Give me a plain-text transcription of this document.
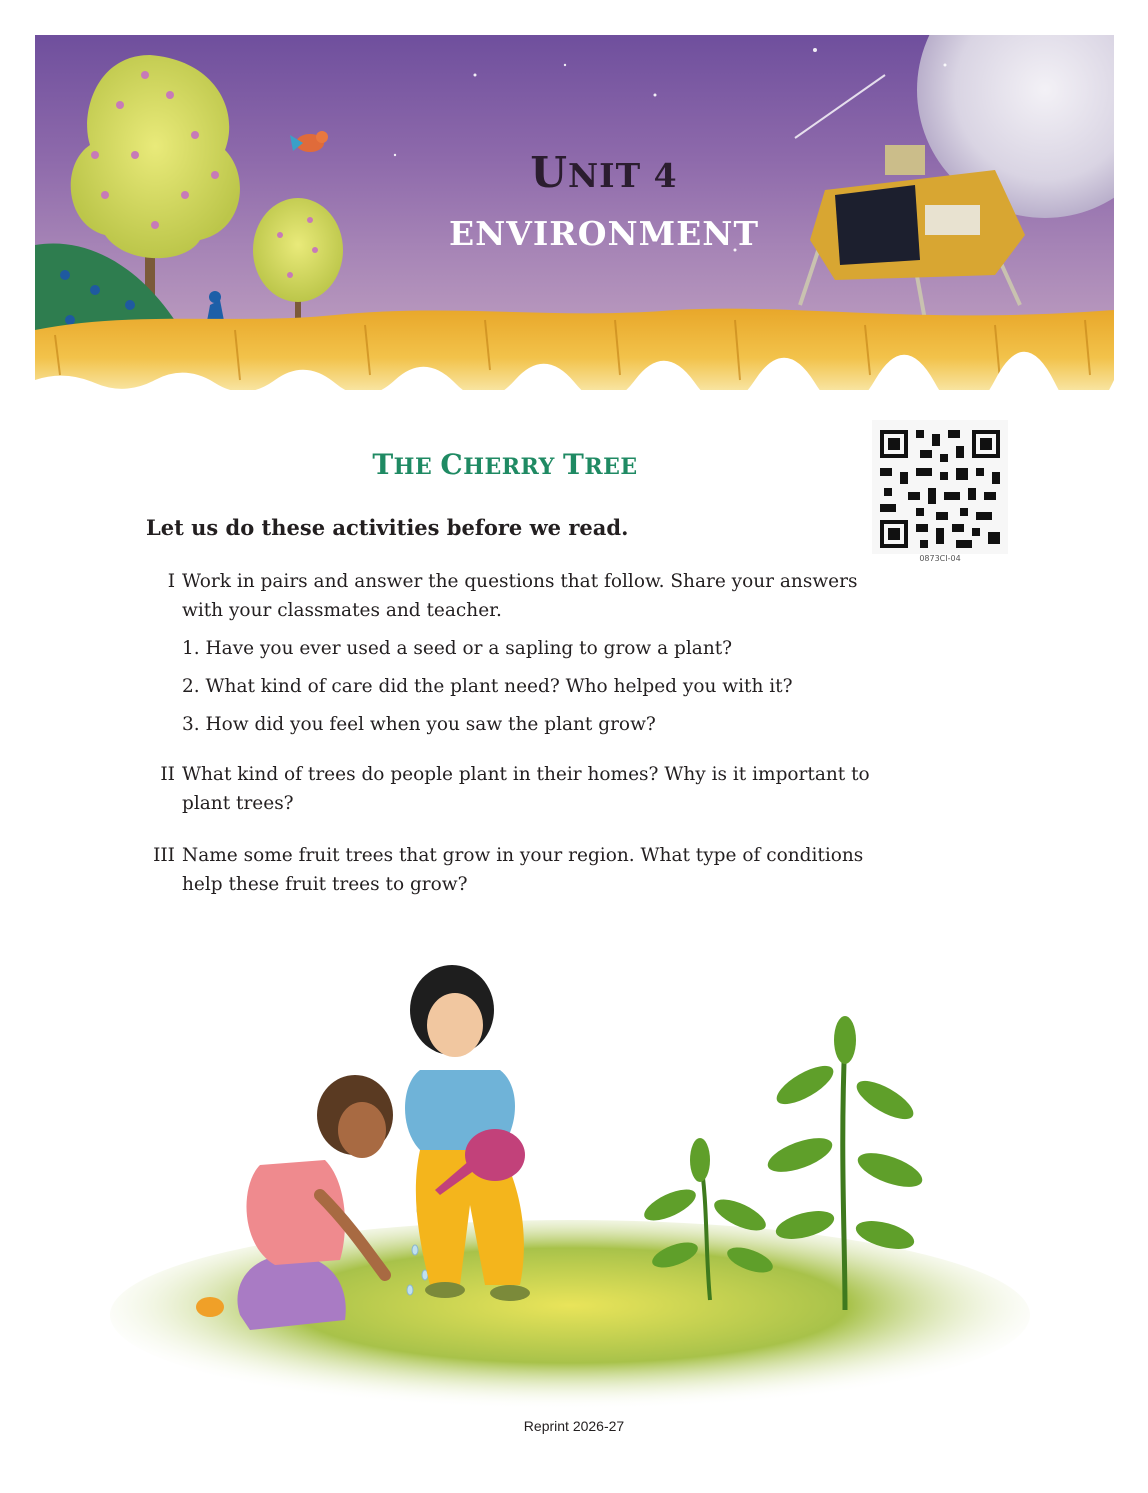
UNIT 4
ENVIRONMENT
THE CHERRY TREE
0873CI-04

Let us do these activities before we read.

I Work in pairs and answer the questions that follow. Share your answers with your classmates and teacher.
1. Have you ever used a seed or a sapling to grow a plant?
2. What kind of care did the plant need? Who helped you with it?
3. How did you feel when you saw the plant grow?
II What kind of trees do people plant in their homes? Why is it important to plant trees?
III Name some fruit trees that grow in your region. What type of conditions help these fruit trees to grow?
Reprint 2026-27
